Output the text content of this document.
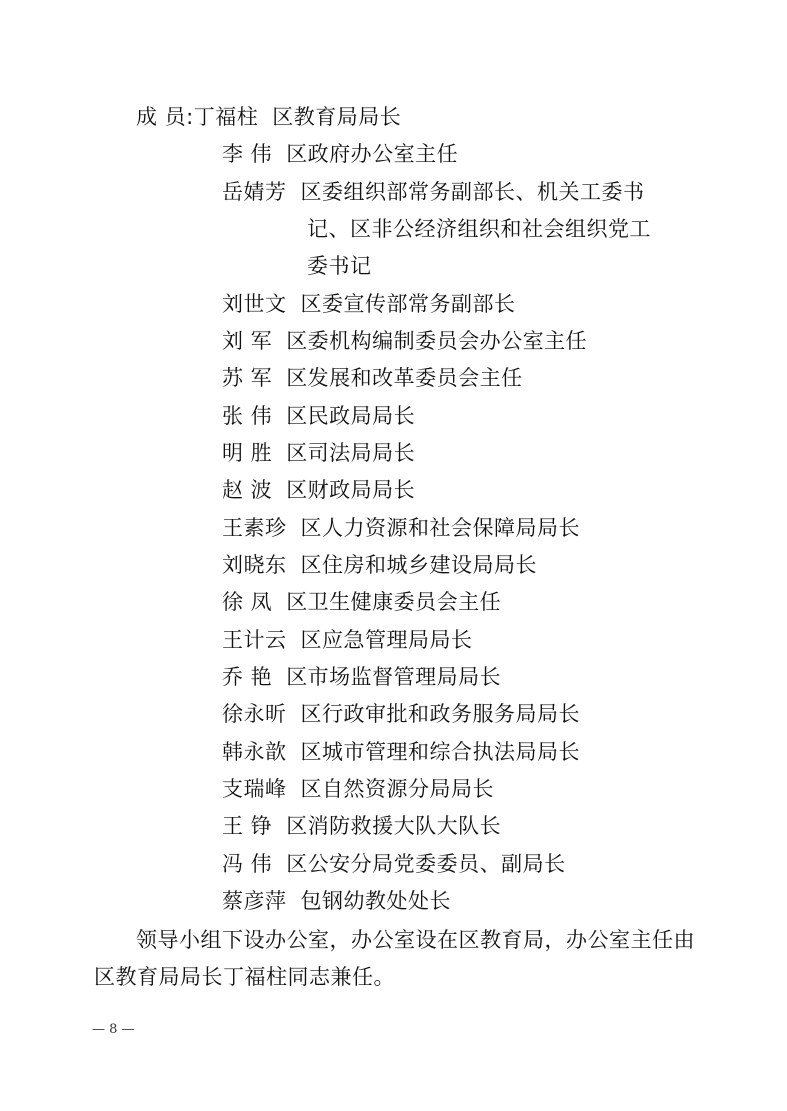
成 员:丁福柱 区教育局局长
李 伟 区政府办公室主任
岳婧芳 区委组织部常务副部长、机关工委书
记、区非公经济组织和社会组织党工
委书记
刘世文 区委宣传部常务副部长
刘 军 区委机构编制委员会办公室主任
苏 军 区发展和改革委员会主任
张 伟 区民政局局长
明 胜 区司法局局长
赵 波 区财政局局长
王素珍 区人力资源和社会保障局局长
刘晓东 区住房和城乡建设局局长
徐 凤 区卫生健康委员会主任
王计云 区应急管理局局长
乔 艳 区市场监督管理局局长
徐永昕 区行政审批和政务服务局局长
韩永歆 区城市管理和综合执法局局长
支瑞峰 区自然资源分局局长
王 铮 区消防救援大队大队长
冯 伟 区公安分局党委委员、副局长
蔡彦萍 包钢幼教处处长
领导小组下设办公室，办公室设在区教育局，办公室主任由
区教育局局长丁福柱同志兼任。
— 8 —
